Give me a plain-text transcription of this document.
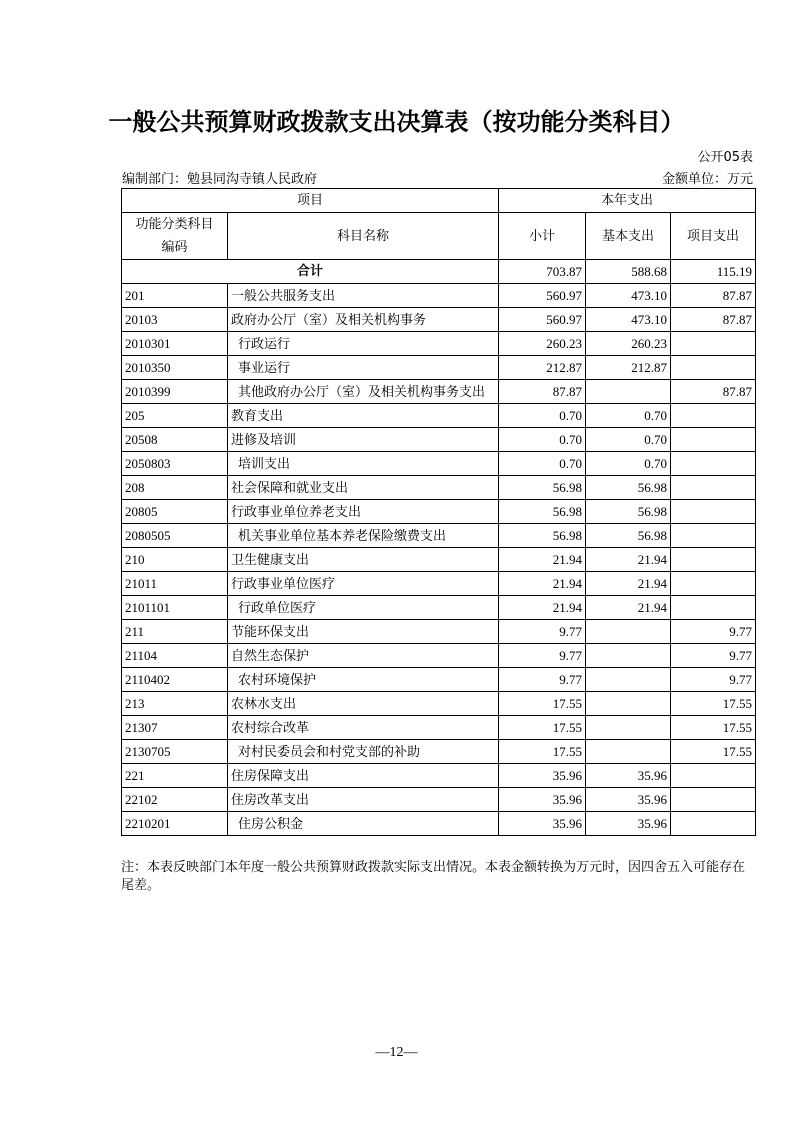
一般公共预算财政拨款支出决算表（按功能分类科目）
公开05表
编制部门：勉县同沟寺镇人民政府	金额单位：万元
项目		本年支出		
功能分类科目编码	科目名称	小计	基本支出	项目支出
合计		703.87	588.68	115.19
201	一般公共服务支出	560.97	473.10	87.87
20103	政府办公厅（室）及相关机构事务	560.97	473.10	87.87
2010301	行政运行	260.23	260.23	
2010350	事业运行	212.87	212.87	
2010399	其他政府办公厅（室）及相关机构事务支出	87.87		87.87
205	教育支出	0.70	0.70	
20508	进修及培训	0.70	0.70	
2050803	培训支出	0.70	0.70	
208	社会保障和就业支出	56.98	56.98	
20805	行政事业单位养老支出	56.98	56.98	
2080505	机关事业单位基本养老保险缴费支出	56.98	56.98	
210	卫生健康支出	21.94	21.94	
21011	行政事业单位医疗	21.94	21.94	
2101101	行政单位医疗	21.94	21.94	
211	节能环保支出	9.77		9.77
21104	自然生态保护	9.77		9.77
2110402	农村环境保护	9.77		9.77
213	农林水支出	17.55		17.55
21307	农村综合改革	17.55		17.55
2130705	对村民委员会和村党支部的补助	17.55		17.55
221	住房保障支出	35.96	35.96	
22102	住房改革支出	35.96	35.96	
2210201	住房公积金	35.96	35.96	
注：本表反映部门本年度一般公共预算财政拨款实际支出情况。本表金额转换为万元时，因四舍五入可能存在尾差。
—12—
